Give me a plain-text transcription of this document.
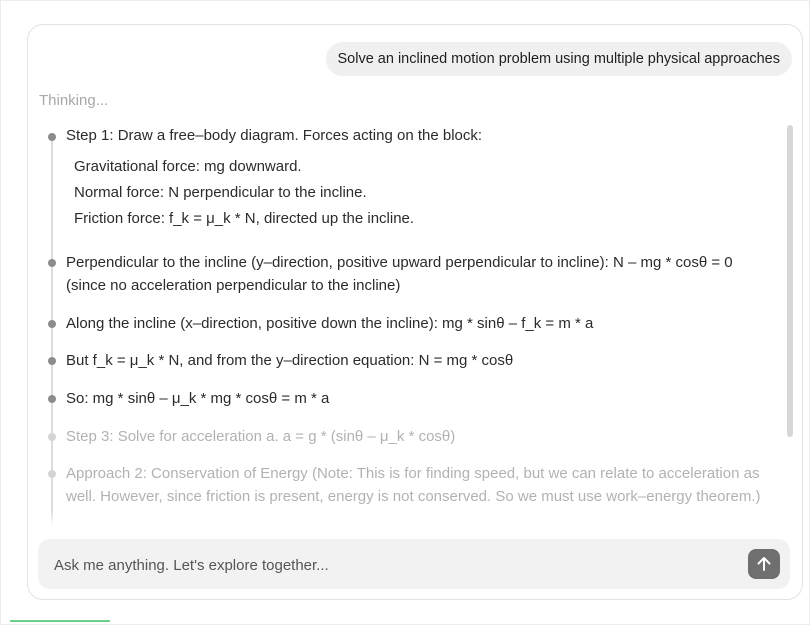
Solve an inclined motion problem using multiple physical approaches
Thinking...
Step 1: Draw a free–body diagram. Forces acting on the block:
Gravitational force: mg downward.
Normal force: N perpendicular to the incline.
Friction force: f_k = μ_k * N, directed up the incline.
Perpendicular to the incline (y–direction, positive upward perpendicular to incline): N – mg * cosθ = 0 (since no acceleration perpendicular to the incline)
Along the incline (x–direction, positive down the incline): mg * sinθ – f_k = m * a
But f_k = μ_k * N, and from the y–direction equation: N = mg * cosθ
So: mg * sinθ – μ_k * mg * cosθ = m * a
Step 3: Solve for acceleration a. a = g * (sinθ – μ_k * cosθ)
Approach 2: Conservation of Energy (Note: This is for finding speed, but we can relate to acceleration as well. However, since friction is present, energy is not conserved. So we must use work–energy theorem.)
Ask me anything. Let's explore together...
